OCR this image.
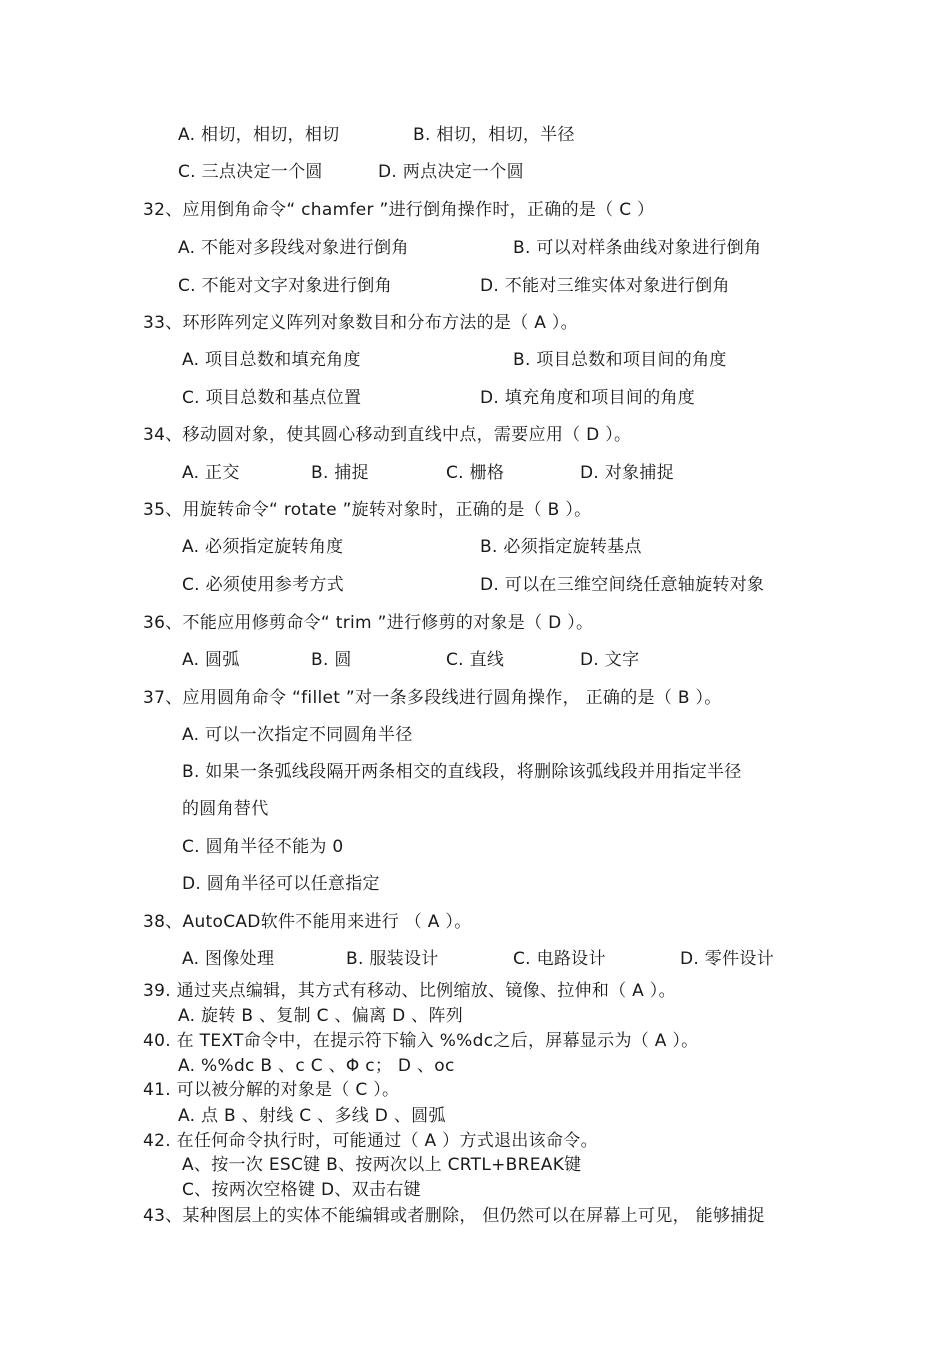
A. 相切，相切，相切	B. 相切，相切，半径
C. 三点决定一个圆	D. 两点决定一个圆
32、应用倒角命令“ chamfer ”进行倒角操作时，正确的是（ C ）
A. 不能对多段线对象进行倒角	B. 可以对样条曲线对象进行倒角
C. 不能对文字对象进行倒角	D. 不能对三维实体对象进行倒角
33、环形阵列定义阵列对象数目和分布方法的是（ A ）。
A. 项目总数和填充角度	B. 项目总数和项目间的角度
C. 项目总数和基点位置	D. 填充角度和项目间的角度
34、移动圆对象，使其圆心移动到直线中点，需要应用（ D ）。
A. 正交	B. 捕捉	C. 栅格	D. 对象捕捉
35、用旋转命令“ rotate ”旋转对象时，正确的是（ B ）。
A. 必须指定旋转角度	B. 必须指定旋转基点
C. 必须使用参考方式	D. 可以在三维空间绕任意轴旋转对象
36、不能应用修剪命令“ trim ”进行修剪的对象是（ D ）。
A. 圆弧	B. 圆	C. 直线	D. 文字
37、应用圆角命令 “fillet ”对一条多段线进行圆角操作， 正确的是（ B ）。
A. 可以一次指定不同圆角半径
B. 如果一条弧线段隔开两条相交的直线段，将删除该弧线段并用指定半径
的圆角替代
C. 圆角半径不能为 0
D. 圆角半径可以任意指定
38、AutoCAD软件不能用来进行 （ A ）。
A. 图像处理	B. 服装设计	C. 电路设计	D. 零件设计
39. 通过夹点编辑，其方式有移动、比例缩放、镜像、拉伸和（ A ）。
A. 旋转 B 、复制 C 、偏离 D 、阵列
40. 在 TEXT命令中，在提示符下输入 %%dc之后，屏幕显示为（ A ）。
A. %%dc B 、c C 、Φ c； D 、oc
41. 可以被分解的对象是（ C ）。
A. 点 B 、射线 C 、多线 D 、圆弧
42. 在任何命令执行时，可能通过（ A ）方式退出该命令。
A、按一次 ESC键 B、按两次以上 CRTL+BREAK键
C、按两次空格键 D、双击右键
43、某种图层上的实体不能编辑或者删除， 但仍然可以在屏幕上可见， 能够捕捉
